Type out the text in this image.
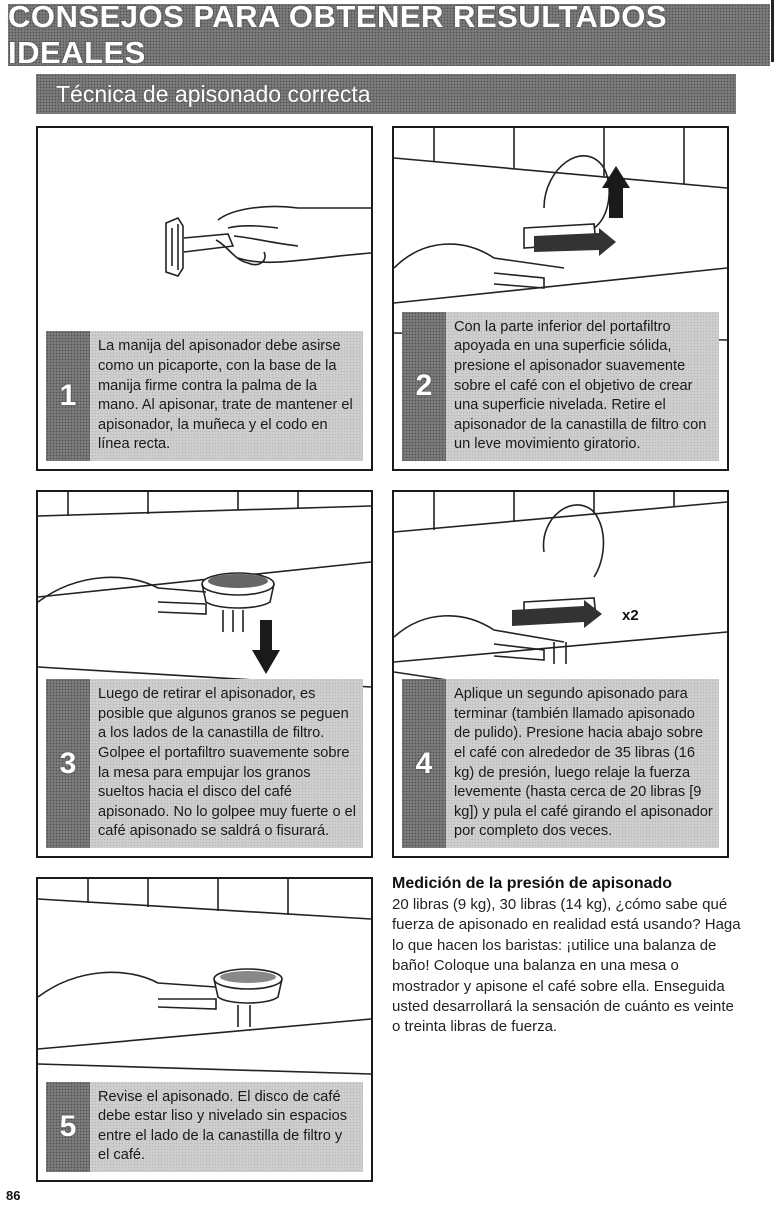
CONSEJOS PARA OBTENER RESULTADOS IDEALES
Técnica de apisonado correcta
1
La manija del apisonador debe asirse como un picaporte, con la base de la manija firme contra la palma de la mano. Al apisonar, trate de mantener el apisonador, la muñeca y el codo en línea recta.
2
Con la parte inferior del portafiltro apoyada en una superficie sólida, presione el apisonador suavemente sobre el café con el objetivo de crear una superficie nivelada. Retire el apisonador de la canastilla de filtro con un leve movimiento giratorio.
3
Luego de retirar el apisonador, es posible que algunos granos se peguen a los lados de la canastilla de filtro. Golpee el portafiltro suavemente sobre la mesa para empujar los granos sueltos hacia el disco del café apisonado. No lo golpee muy fuerte o el café apisonado se saldrá o fisurará.
x2
4
Aplique un segundo apisonado para terminar (también llamado apisonado de pulido). Presione hacia abajo sobre el café con alrededor de 35 libras (16 kg) de presión, luego relaje la fuerza levemente (hasta cerca de 20 libras [9 kg]) y pula el café girando el apisonador por completo dos veces.
5
Revise el apisonado. El disco de café debe estar liso y nivelado sin espacios entre el lado de la canastilla de filtro y el café.
Medición de la presión de apisonado

20 libras (9 kg), 30 libras (14 kg), ¿cómo sabe qué fuerza de apisonado en realidad está usando? Haga lo que hacen los baristas: ¡utilice una balanza de baño! Coloque una balanza en una mesa o mostrador y apisone el café sobre ella. Enseguida usted desarrollará la sensación de cuánto es veinte o treinta libras de fuerza.

86
